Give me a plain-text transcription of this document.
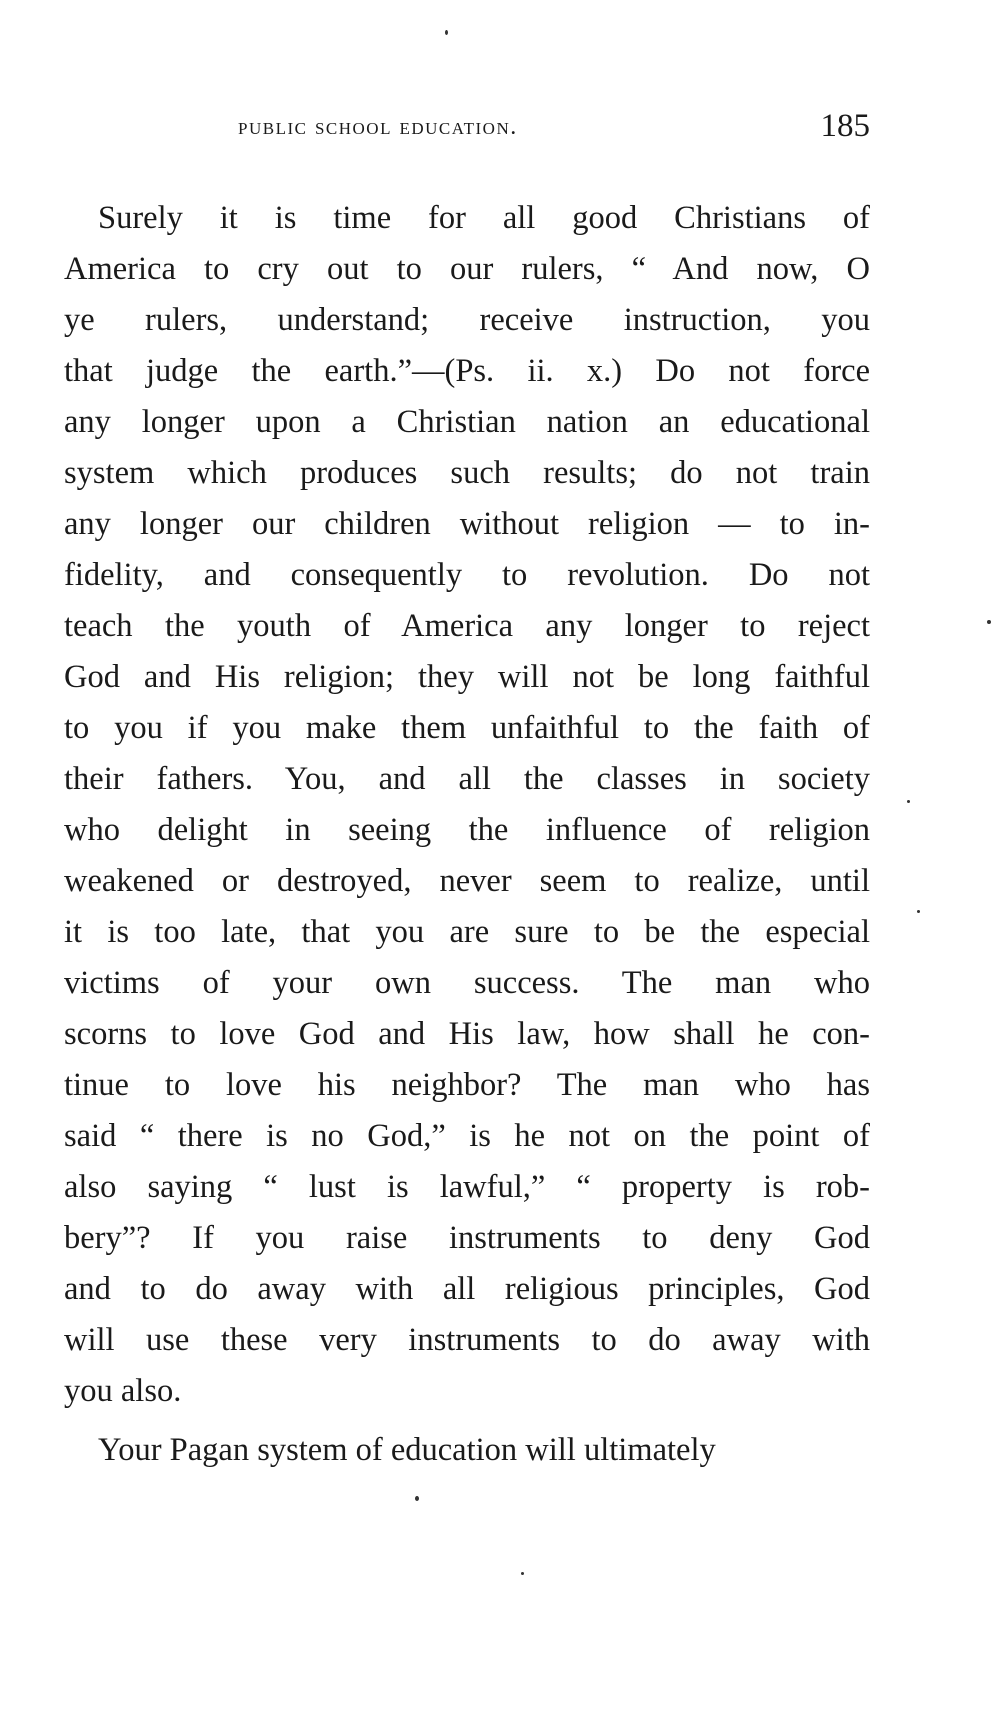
public school education.	185
Surely it is time for all good Christians of
America to cry out to our rulers, “ And now, O
ye rulers, understand; receive instruction, you
that judge the earth.”—(Ps. ii. x.) Do not force
any longer upon a Christian nation an educational
system which produces such results; do not train
any longer our children without religion — to in-
fidelity, and consequently to revolution. Do not
teach the youth of America any longer to reject
God and His religion; they will not be long faithful
to you if you make them unfaithful to the faith of
their fathers. You, and all the classes in society
who delight in seeing the influence of religion
weakened or destroyed, never seem to realize, until
it is too late, that you are sure to be the especial
victims of your own success. The man who
scorns to love God and His law, how shall he con-
tinue to love his neighbor? The man who has
said “ there is no God,” is he not on the point of
also saying “ lust is lawful,” “ property is rob-
bery”? If you raise instruments to deny God
and to do away with all religious principles, God
will use these very instruments to do away with
you also.
Your Pagan system of education will ultimately
